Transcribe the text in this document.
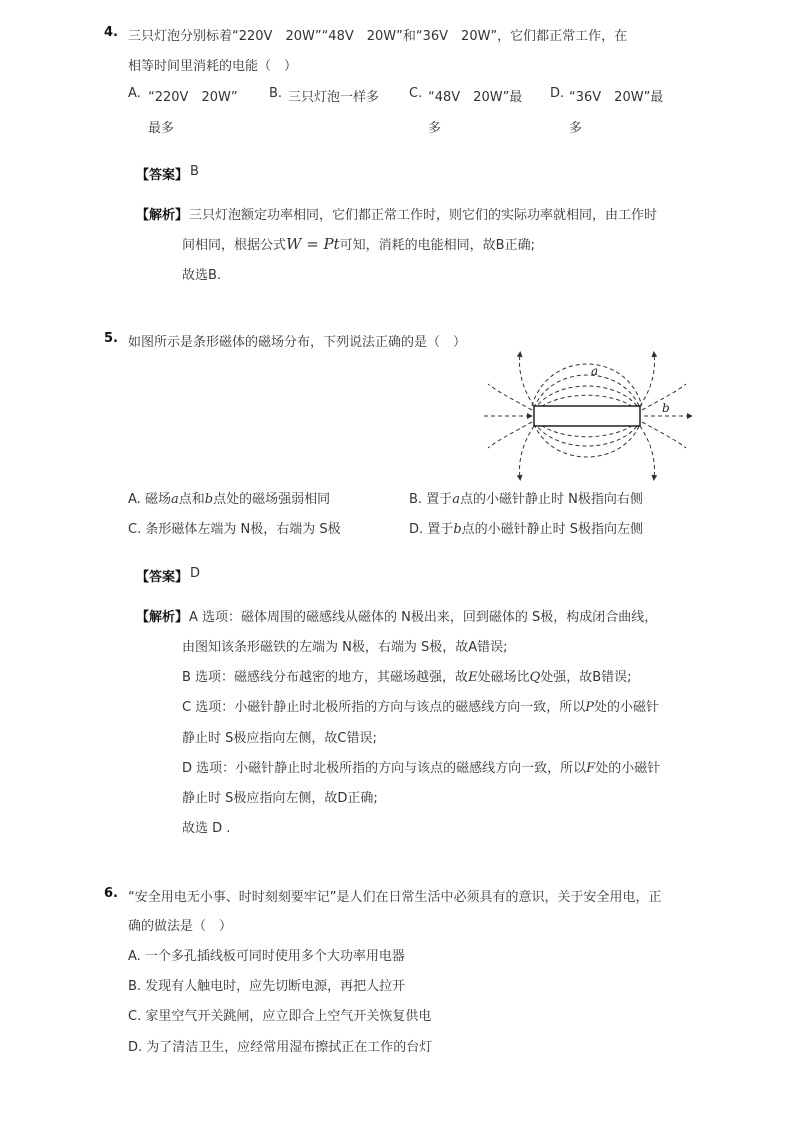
4. 三只灯泡分别标着“220V　20W”“48V　20W”和“36V　20W”，它们都正常工作，在
相等时间里消耗的电能（　）
A. “220V　20W”
最多
B. 三只灯泡一样多 C. “48V　20W”最
多
D. “36V　20W”最
多
【答案】 B
【解析】 三只灯泡额定功率相同，它们都正常工作时，则它们的实际功率就相同，由工作时
间相同，根据公式W = Pt可知，消耗的电能相同，故B正确;
故选B.
5. 如图所示是条形磁体的磁场分布，下列说法正确的是（　）
a
b
A. 磁场a点和b点处的磁场强弱相同	B. 置于a点的小磁针静止时 N极指向右侧
C. 条形磁体左端为 N极，右端为 S极	D. 置于b点的小磁针静止时 S极指向左侧
【答案】 D
【解析】 A 选项：磁体周围的磁感线从磁体的 N极出来，回到磁体的 S极，构成闭合曲线，
由图知该条形磁铁的左端为 N极，右端为 S极，故A错误;
B 选项：磁感线分布越密的地方，其磁场越强，故E处磁场比Q处强，故B错误;
C 选项：小磁针静止时北极所指的方向与该点的磁感线方向一致，所以P处的小磁针
静止时 S极应指向左侧，故C错误;
D 选项：小磁针静止时北极所指的方向与该点的磁感线方向一致，所以F处的小磁针
静止时 S极应指向左侧，故D正确;
故选 D .
6. “安全用电无小事、时时刻刻要牢记”是人们在日常生活中必须具有的意识，关于安全用电，正
确的做法是（　）
A. 一个多孔插线板可同时使用多个大功率用电器
B. 发现有人触电时，应先切断电源，再把人拉开
C. 家里空气开关跳闸，应立即合上空气开关恢复供电
D. 为了清洁卫生，应经常用湿布擦拭正在工作的台灯
